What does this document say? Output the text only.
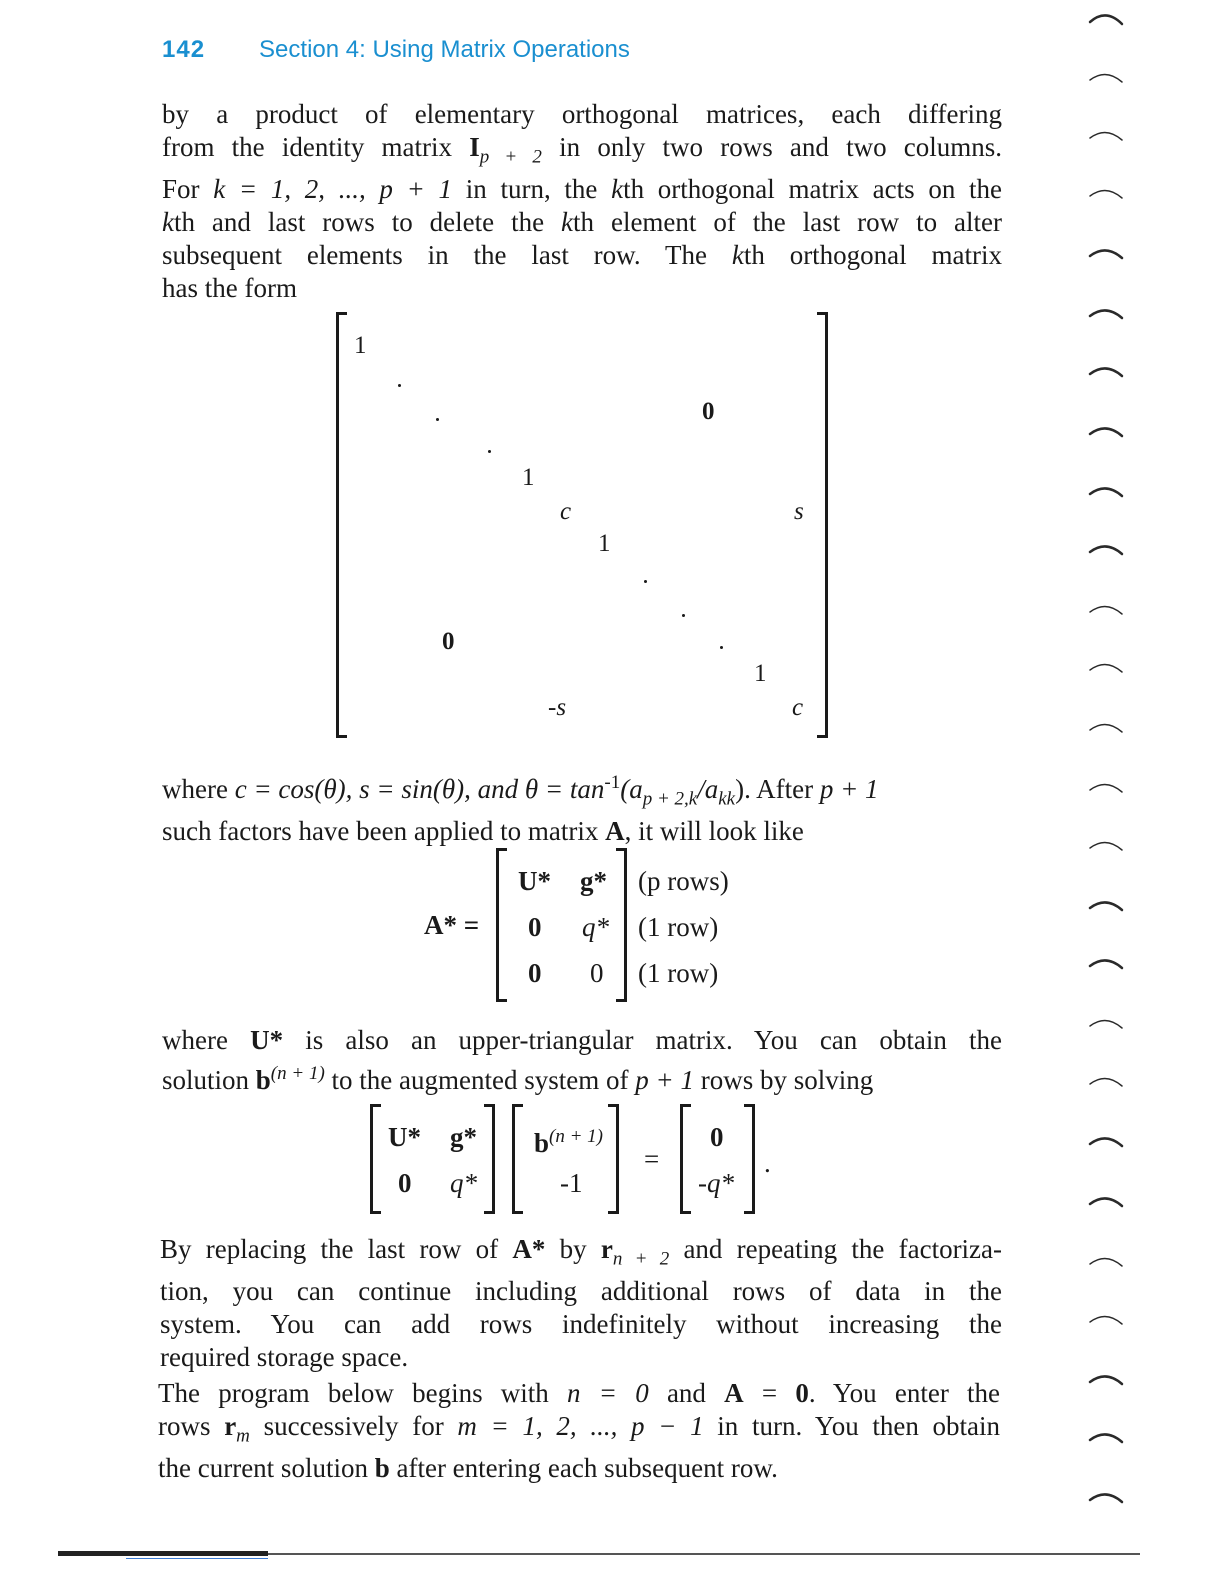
142 Section 4: Using Matrix Operations
by a product of elementary orthogonal matrices, each differing
from the identity matrix $I_{p + 2}$ in only two rows and two columns.
For k = 1, 2, ..., p + 1 in turn, the kth orthogonal matrix acts on the
kth and last rows to delete the kth element of the last row to alter
subsequent elements in the last row. The kth orthogonal matrix
has the form
1
0
1
c	s
1
0
1
-s	c
where c = cos(θ), s = sin(θ), and $\theta = \tan^{-1}(a_{p + 2,k}/a_{kk})$. After p + 1
such factors have been applied to matrix A, it will look like
A* =
U* g*
0 q*
0 0
(p rows)
(1 row)
(1 row)
where U* is also an upper-triangular matrix. You can obtain the
solution $b^{(n + 1)}$ to the augmented system of p + 1 rows by solving
U* g*
0 q*
$b^{(n + 1)}$
-1
=
0
-q*
.
By replacing the last row of A* by $r_{n + 2}$ and repeating the factoriza-
tion, you can continue including additional rows of data in the
system. You can add rows indefinitely without increasing the
required storage space.
The program below begins with n = 0 and A = 0. You enter the
rows $r_m$ successively for m = 1, 2, ..., p − 1 in turn. You then obtain
the current solution b after entering each subsequent row.
